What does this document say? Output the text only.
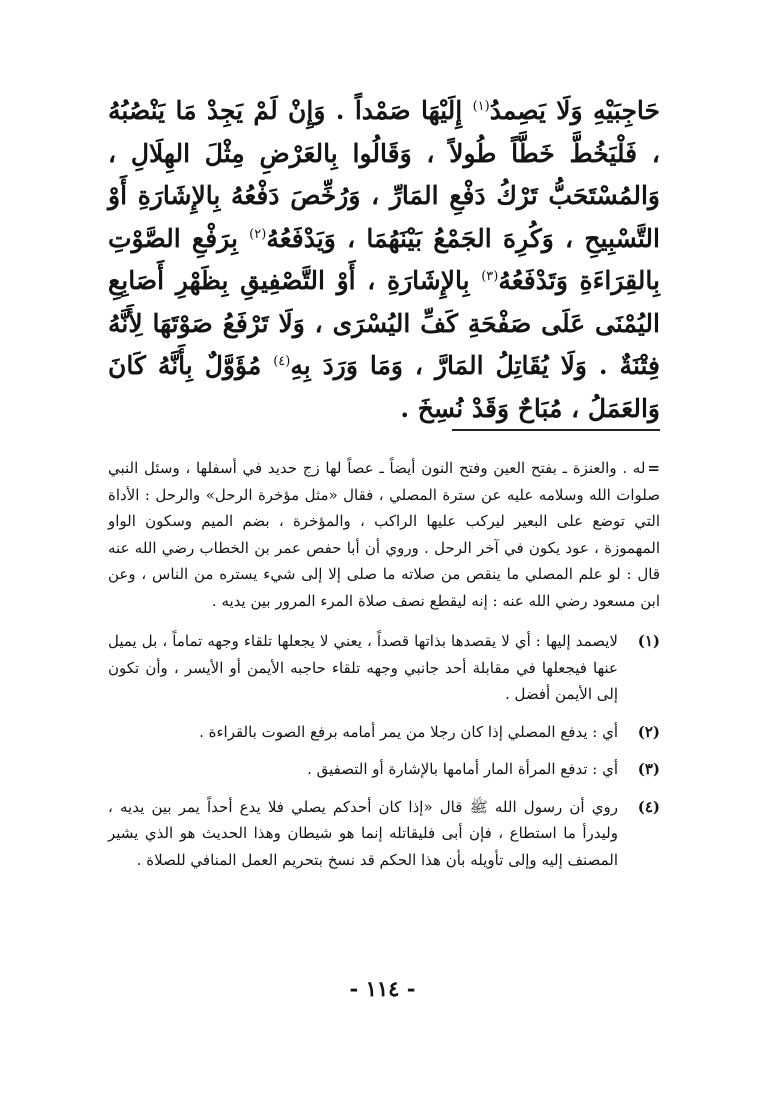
حَاجِبَيْهِ وَلَا يَصِمدُ$^{(١)}$ إِلَيْهَا صَمْداً . وَإِنْ لَمْ يَجِدْ مَا يَنْصُبُهُ ، فَلْيَخُطَّ خَطَّاً طُولاً ، وَقَالُوا بِالعَرْضِ مِثْلَ الهِلَالِ ، وَالمُسْتَحَبُّ تَرْكُ دَفْعِ المَارِّ ، وَرُخِّصَ دَفْعُهُ بِالإِشَارَةِ أَوْ التَّسْبِيحِ ، وَكُرِهَ الجَمْعُ بَيْنَهُمَا ، وَيَدْفَعُهُ$^{(٢)}$ بِرَفْعِ الصَّوْتِ بِالقِرَاءَةِ وَتَدْفَعُهُ$^{(٣)}$ بِالإِشَارَةِ ، أَوْ التَّصْفِيقِ بِظَهْرِ أَصَابِعِ اليُمْنَى عَلَى صَفْحَةِ كَفِّ اليُسْرَى ، وَلَا تَرْفَعُ صَوْتَهَا لِأَنَّهُ فِتْنَةٌ . وَلَا يُقَاتِلُ المَارَّ ، وَمَا وَرَدَ بِهِ$^{(٤)}$ مُؤَوَّلٌ بِأَنَّهُ كَانَ وَالعَمَلُ ، مُبَاحٌ وَقَدْ نُسِخَ .

=له . والعنزة ـ بفتح العين وفتح النون أيضاً ـ عصاً لها زج حديد في أسفلها ، وسئل النبي صلوات الله وسلامه عليه عن سترة المصلي ، فقال «مثل مؤخرة الرحل» والرحل : الأداة التي توضع على البعير ليركب عليها الراكب ، والمؤخرة ، بضم الميم وسكون الواو المهموزة ، عود يكون في آخر الرحل . وروي أن أبا حفص عمر بن الخطاب رضي الله عنه قال : لو علم المصلي ما ينقص من صلاته ما صلى إلا إلى شيء يستره من الناس ، وعن ابن مسعود رضي الله عنه : إنه ليقطع نصف صلاة المرء المرور بين يديه .

(١)
لايصمد إليها : أي لا يقصدها بذاتها قصداً ، يعني لا يجعلها تلقاء وجهه تماماً ، بل يميل عنها فيجعلها في مقابلة أحد جانبي وجهه تلقاء حاجبه الأيمن أو الأيسر ، وأن تكون إلى الأيمن أفضل .
(٢)
أي : يدفع المصلي إذا كان رجلا من يمر أمامه برفع الصوت بالقراءة .
(٣)
أي : تدفع المرأة المار أمامها بالإشارة أو التصفيق .
(٤)
روي أن رسول الله ﷺ قال «إذا كان أحدكم يصلي فلا يدع أحداً يمر بين يديه ، وليدرأ ما استطاع ، فإن أبى فليقاتله إنما هو شيطان وهذا الحديث هو الذي يشير المصنف إليه وإلى تأويله بأن هذا الحكم قد نسخ بتحريم العمل المنافي للصلاة .
- ١١٤ -
